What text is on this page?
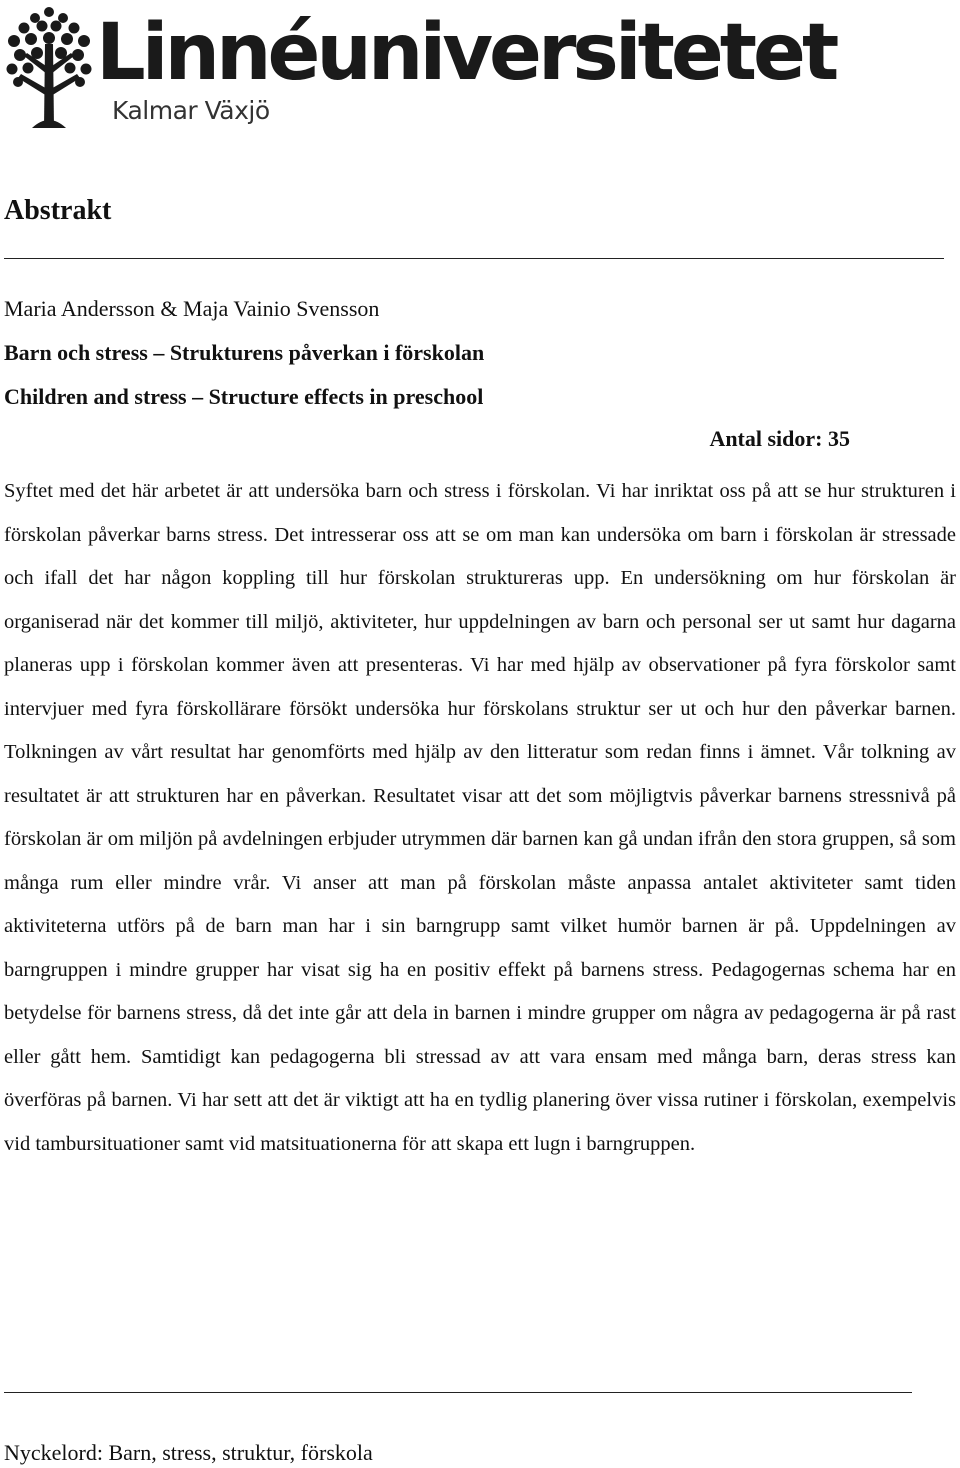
Linnéuniversitetet
Kalmar Växjö
Abstrakt
Maria Andersson & Maja Vainio Svensson
Barn och stress – Strukturens påverkan i förskolan
Children and stress – Structure effects in preschool
Antal sidor: 35

Syftet med det här arbetet är att undersöka barn och stress i förskolan. Vi har inriktat oss på att se hur strukturen i förskolan påverkar barns stress. Det intresserar oss att se om man kan undersöka om barn i förskolan är stressade och ifall det har någon koppling till hur förskolan struktureras upp. En undersökning om hur förskolan är organiserad när det kommer till miljö, aktiviteter, hur uppdelningen av barn och personal ser ut samt hur dagarna planeras upp i förskolan kommer även att presenteras. Vi har med hjälp av observationer på fyra förskolor samt intervjuer med fyra förskollärare försökt undersöka hur förskolans struktur ser ut och hur den påverkar barnen. Tolkningen av vårt resultat har genomförts med hjälp av den litteratur som redan finns i ämnet. Vår tolkning av resultatet är att strukturen har en påverkan. Resultatet visar att det som möjligtvis påverkar barnens stressnivå på förskolan är om miljön på avdelningen erbjuder utrymmen där barnen kan gå undan ifrån den stora gruppen, så som många rum eller mindre vrår. Vi anser att man på förskolan måste anpassa antalet aktiviteter samt tiden aktiviteterna utförs på de barn man har i sin barngrupp samt vilket humör barnen är på. Uppdelningen av barngruppen i mindre grupper har visat sig ha en positiv effekt på barnens stress. Pedagogernas schema har en betydelse för barnens stress, då det inte går att dela in barnen i mindre grupper om några av pedagogerna är på rast eller gått hem. Samtidigt kan pedagogerna bli stressad av att vara ensam med många barn, deras stress kan överföras på barnen. Vi har sett att det är viktigt att ha en tydlig planering över vissa rutiner i förskolan, exempelvis vid tambursituationer samt vid matsituationerna för att skapa ett lugn i barngruppen.

Nyckelord: Barn, stress, struktur, förskola
